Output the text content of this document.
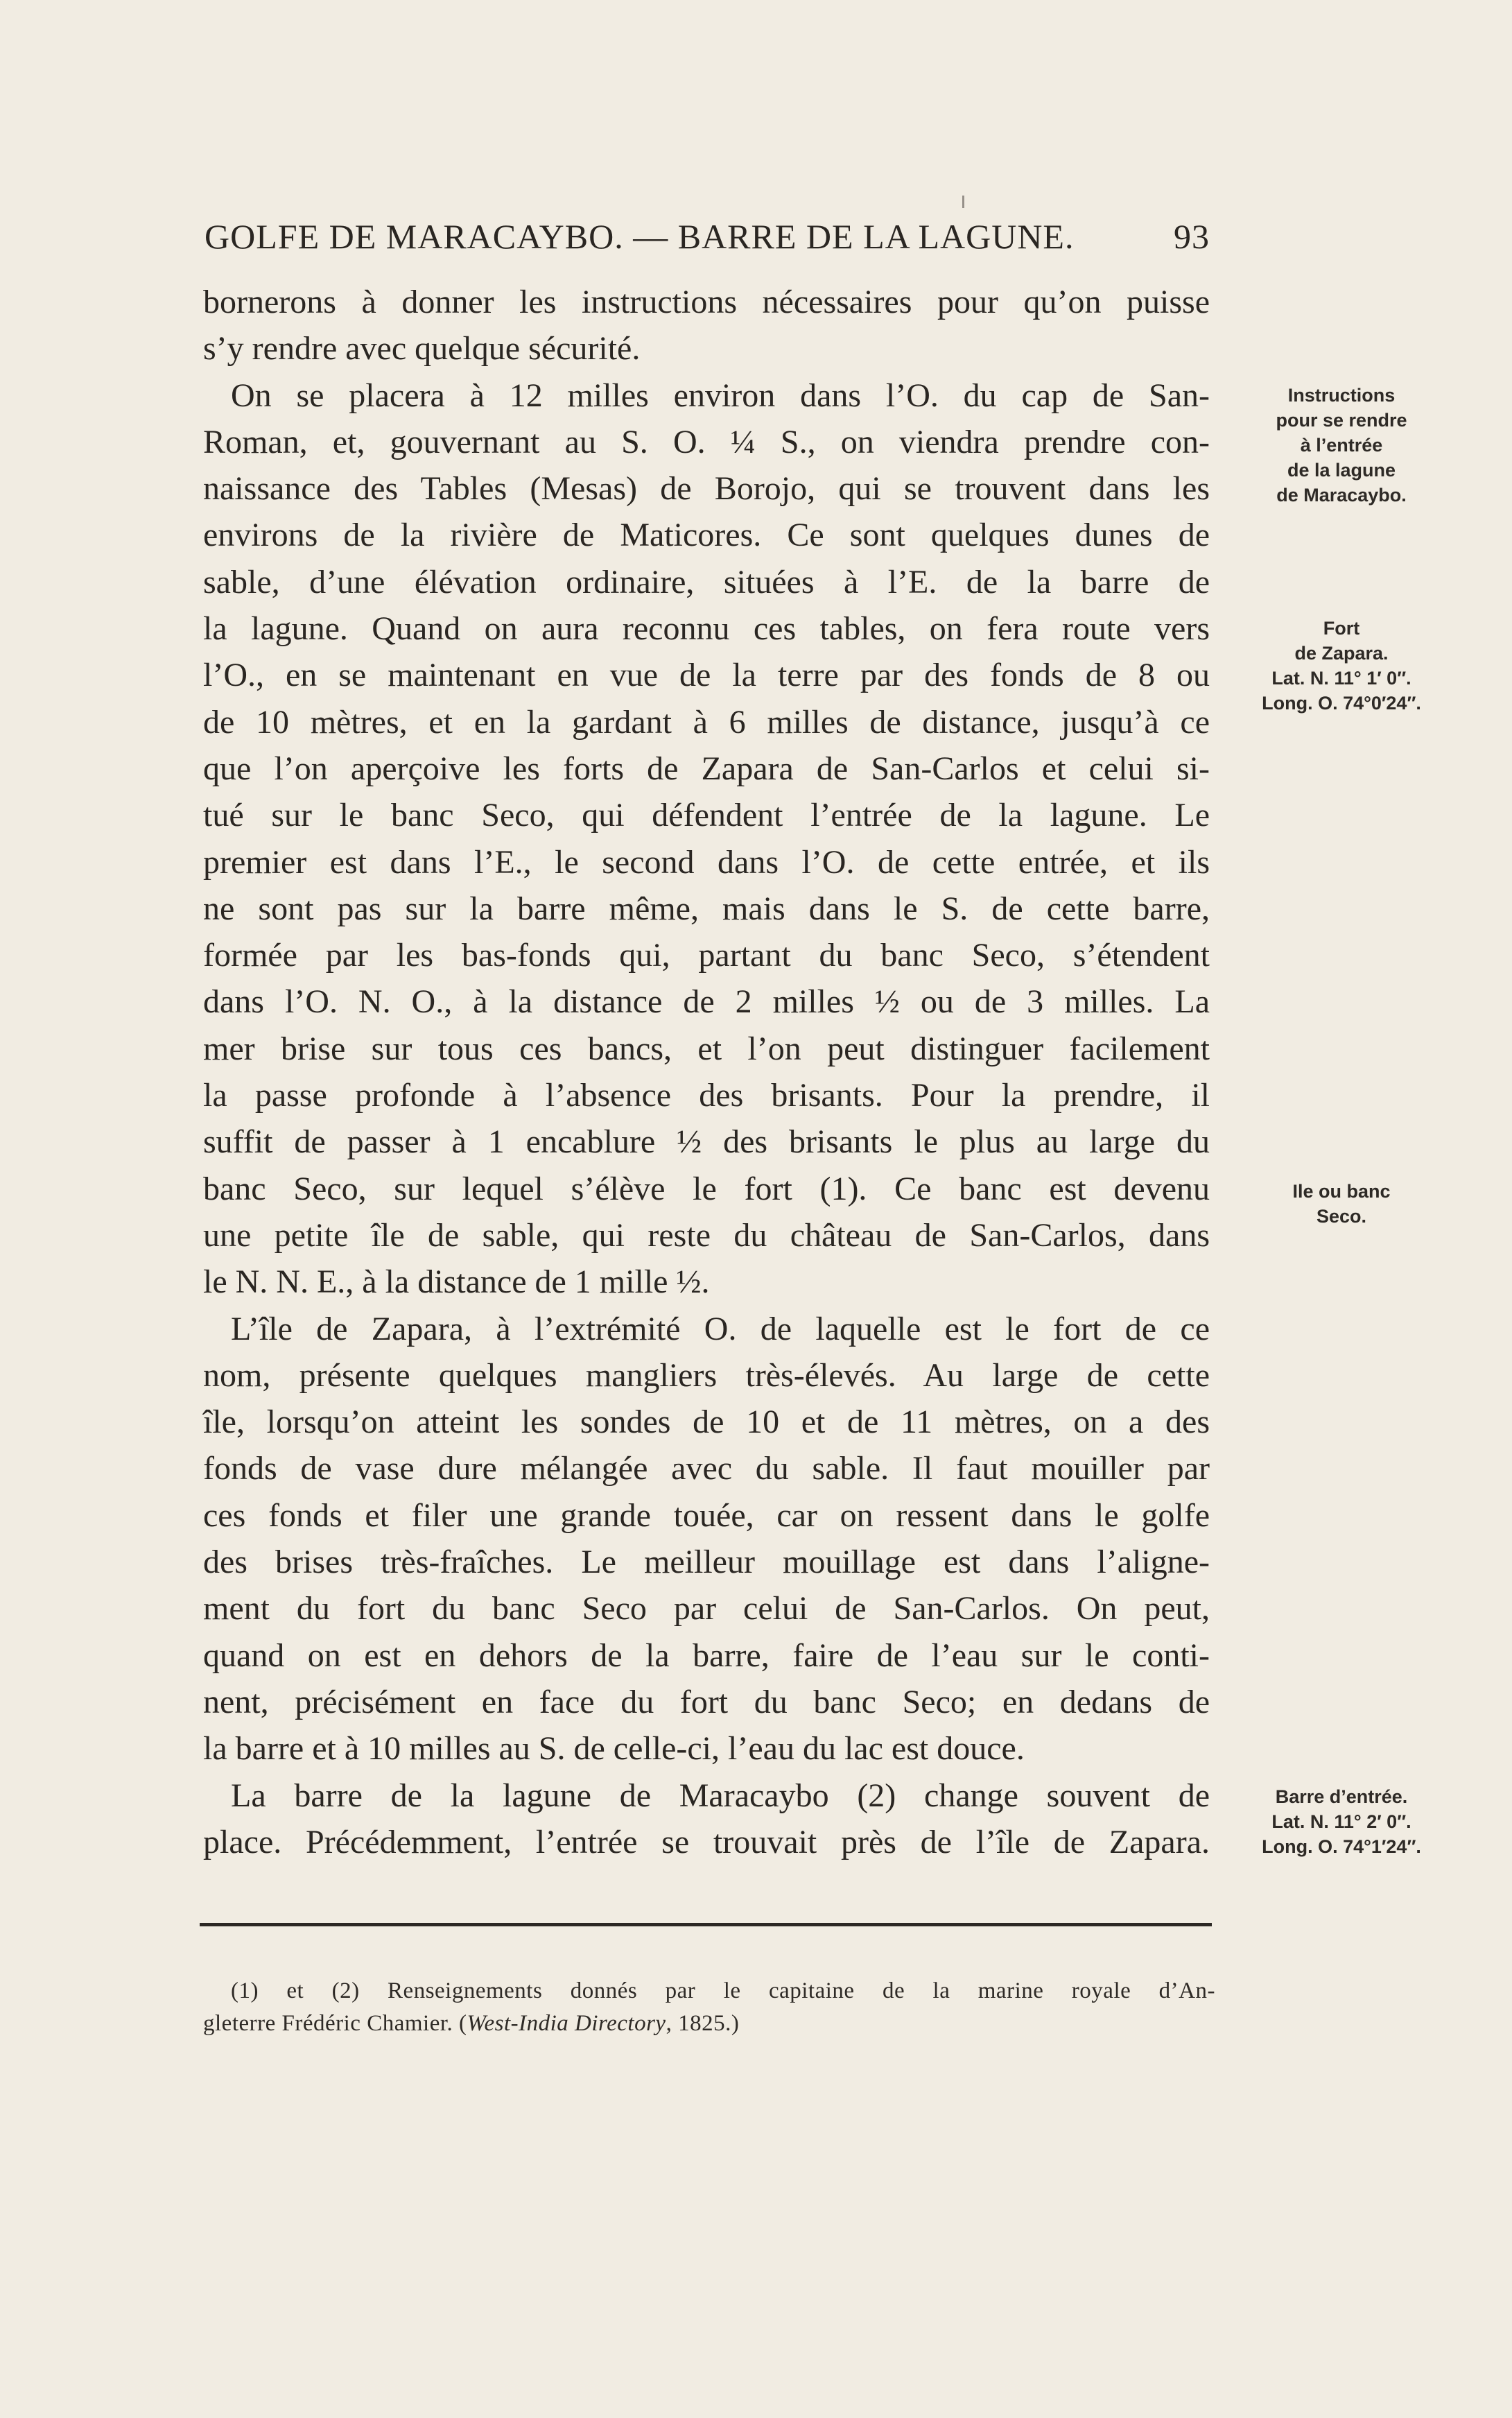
GOLFE DE MARACAYBO. — BARRE DE LA LAGUNE.	93
bornerons à donner les instructions nécessaires pour qu’on puisse
s’y rendre avec quelque sécurité.
On se placera à 12 milles environ dans l’O. du cap de San-
Roman, et, gouvernant au S. O. ¼ S., on viendra prendre con-
naissance des Tables (Mesas) de Borojo, qui se trouvent dans les
environs de la rivière de Maticores. Ce sont quelques dunes de
sable, d’une élévation ordinaire, situées à l’E. de la barre de
la lagune. Quand on aura reconnu ces tables, on fera route vers
l’O., en se maintenant en vue de la terre par des fonds de 8 ou
de 10 mètres, et en la gardant à 6 milles de distance, jusqu’à ce
que l’on aperçoive les forts de Zapara de San-Carlos et celui si-
tué sur le banc Seco, qui défendent l’entrée de la lagune. Le
premier est dans l’E., le second dans l’O. de cette entrée, et ils
ne sont pas sur la barre même, mais dans le S. de cette barre,
formée par les bas-fonds qui, partant du banc Seco, s’étendent
dans l’O. N. O., à la distance de 2 milles ½ ou de 3 milles. La
mer brise sur tous ces bancs, et l’on peut distinguer facilement
la passe profonde à l’absence des brisants. Pour la prendre, il
suffit de passer à 1 encablure ½ des brisants le plus au large du
banc Seco, sur lequel s’élève le fort (1). Ce banc est devenu
une petite île de sable, qui reste du château de San-Carlos, dans
le N. N. E., à la distance de 1 mille ½.
L’île de Zapara, à l’extrémité O. de laquelle est le fort de ce
nom, présente quelques mangliers très-élevés. Au large de cette
île, lorsqu’on atteint les sondes de 10 et de 11 mètres, on a des
fonds de vase dure mélangée avec du sable. Il faut mouiller par
ces fonds et filer une grande touée, car on ressent dans le golfe
des brises très-fraîches. Le meilleur mouillage est dans l’aligne-
ment du fort du banc Seco par celui de San-Carlos. On peut,
quand on est en dehors de la barre, faire de l’eau sur le conti-
nent, précisément en face du fort du banc Seco; en dedans de
la barre et à 10 milles au S. de celle-ci, l’eau du lac est douce.
La barre de la lagune de Maracaybo (2) change souvent de
place. Précédemment, l’entrée se trouvait près de l’île de Zapara.
Instructions
pour se rendre
à l’entrée
de la lagune
de Maracaybo.
Fort
de Zapara.
Lat. N. 11° 1′ 0″.
Long. O. 74°0′24″.
Ile ou banc
Seco.
Barre d’entrée.
Lat. N. 11° 2′ 0″.
Long. O. 74°1′24″.
(1) et (2) Renseignements donnés par le capitaine de la marine royale d’An-
gleterre Frédéric Chamier. (West-India Directory, 1825.)
